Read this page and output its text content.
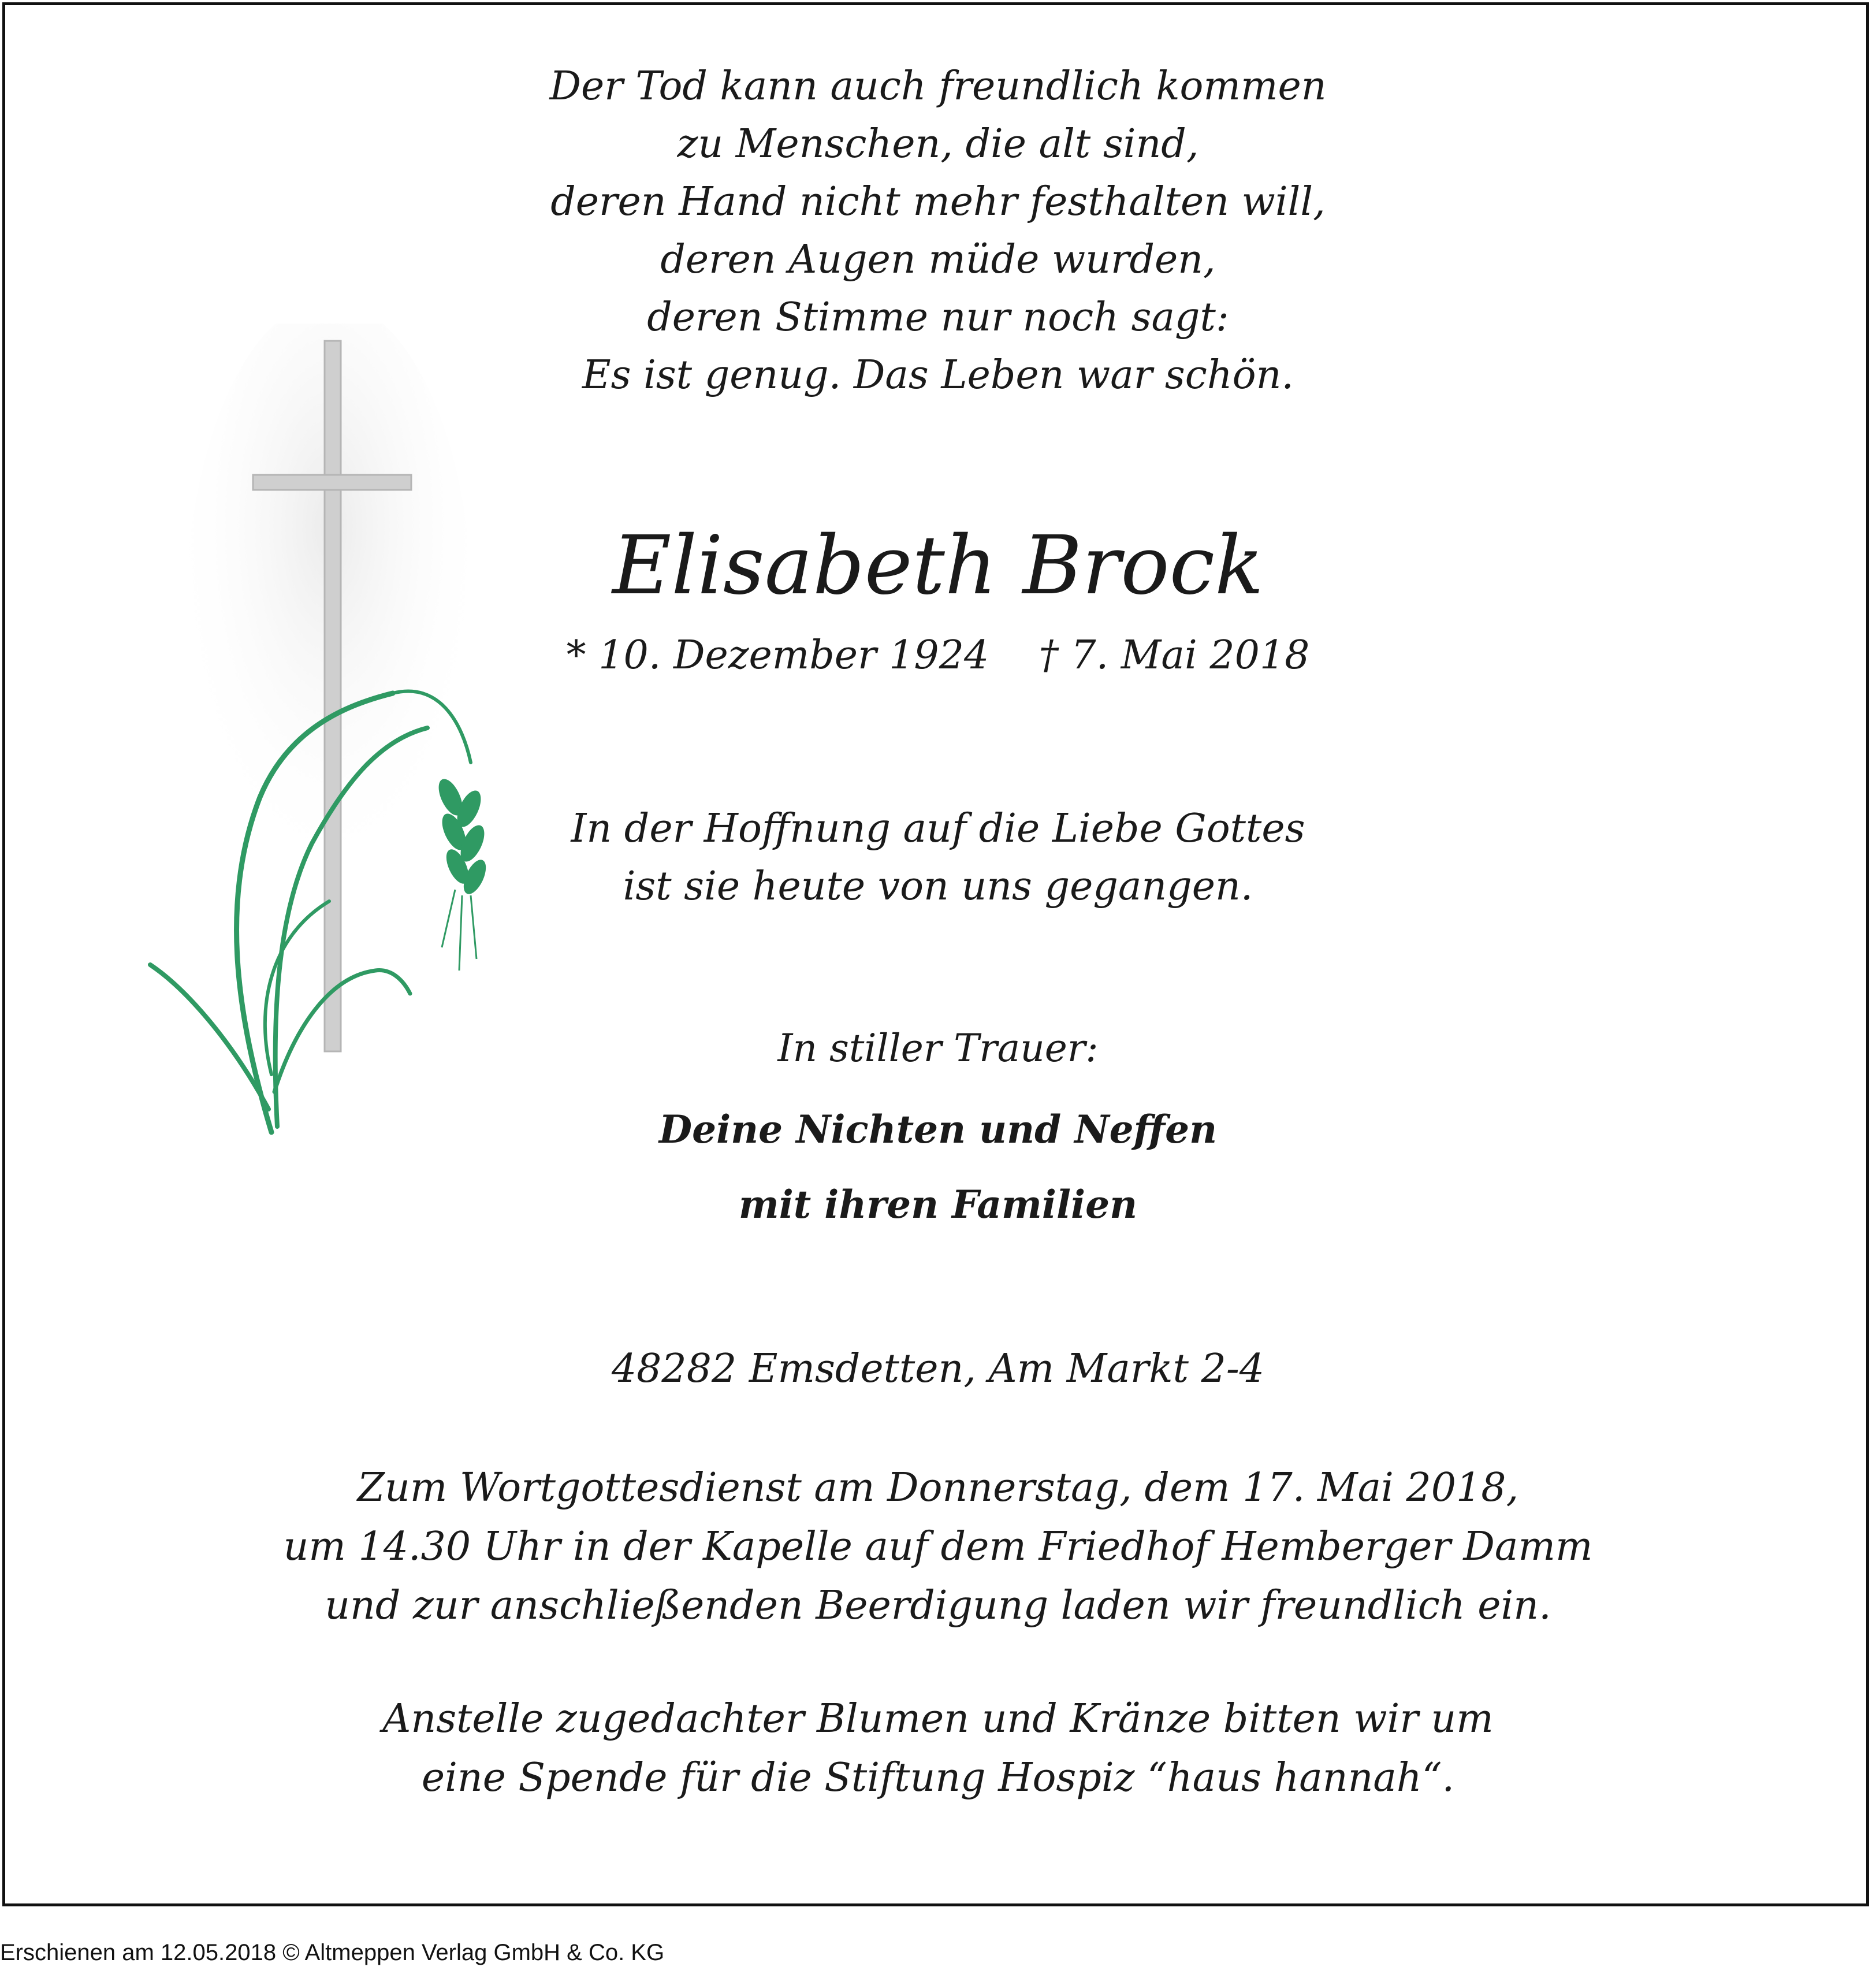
Der Tod kann auch freundlich kommen
zu Menschen, die alt sind,
deren Hand nicht mehr festhalten will,
deren Augen müde wurden,
deren Stimme nur noch sagt:
Es ist genug. Das Leben war schön.
Elisabeth Brock
* 10. Dezember 1924    † 7. Mai 2018
In der Hoffnung auf die Liebe Gottes
ist sie heute von uns gegangen.
In stiller Trauer:
Deine Nichten und Neffen
mit ihren Familien
48282 Emsdetten, Am Markt 2-4
Zum Wortgottesdienst am Donnerstag, dem 17. Mai 2018,
um 14.30 Uhr in der Kapelle auf dem Friedhof Hemberger Damm
und zur anschließenden Beerdigung laden wir freundlich ein.
Anstelle zugedachter Blumen und Kränze bitten wir um
eine Spende für die Stiftung Hospiz “haus hannah“.
Erschienen am 12.05.2018 © Altmeppen Verlag GmbH & Co. KG
